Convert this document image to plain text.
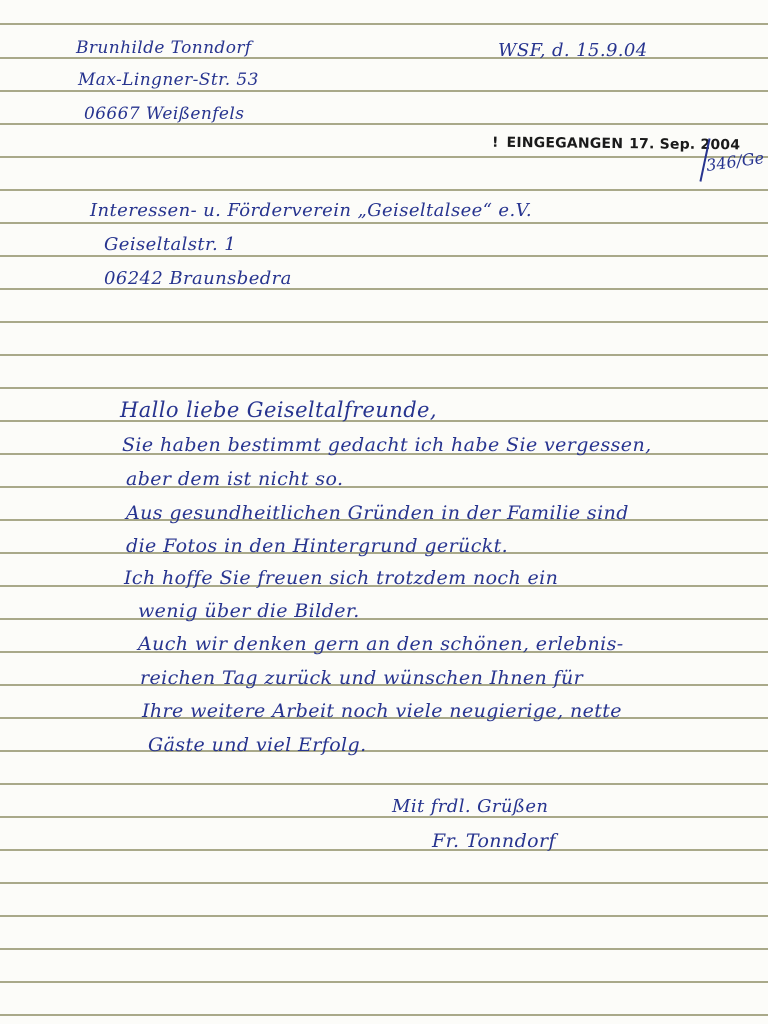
Brunhilde Tonndorf
Max-Lingner-Str. 53
06667 Weißenfels
WSF, d. 15.9.04
! EINGEGANGEN 17. Sep. 2004
346/Ge
Interessen- u. Förderverein „Geiseltalsee“ e.V.
Geiseltalstr. 1
06242 Braunsbedra
Hallo liebe Geiseltalfreunde,
Sie haben bestimmt gedacht ich habe Sie vergessen,
aber dem ist nicht so.
Aus gesundheitlichen Gründen in der Familie sind
die Fotos in den Hintergrund gerückt.
Ich hoffe Sie freuen sich trotzdem noch ein
wenig über die Bilder.
Auch wir denken gern an den schönen, erlebnis-
reichen Tag zurück und wünschen Ihnen für
Ihre weitere Arbeit noch viele neugierige, nette
Gäste und viel Erfolg.
Mit frdl. Grüßen
Fr. Tonndorf
